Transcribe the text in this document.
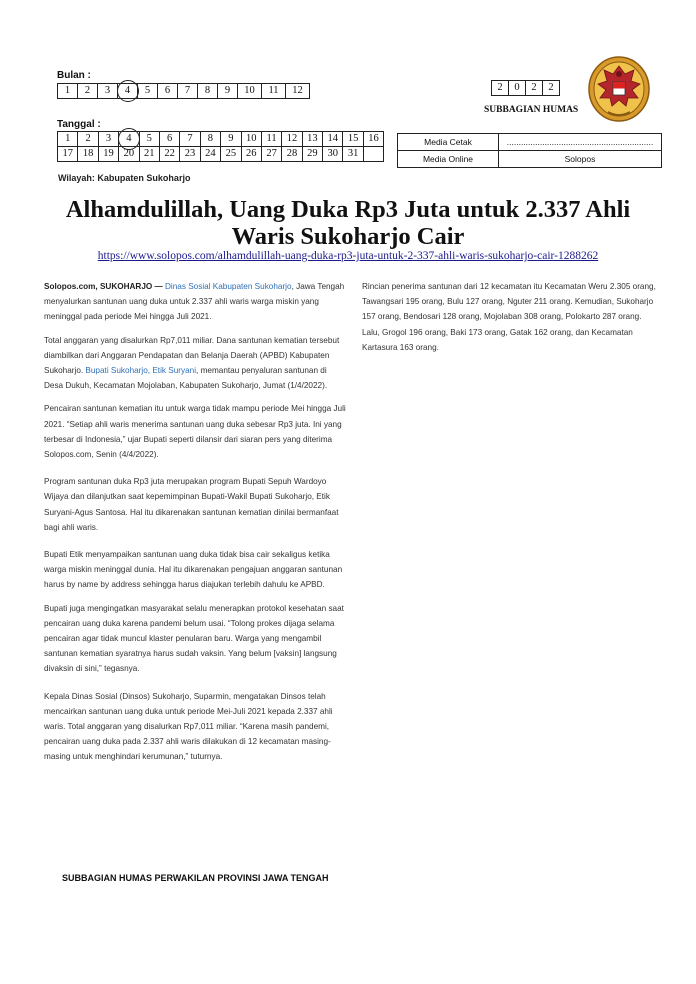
Bulan :
1	2	3	4	5	6	7	8	9	10	11	12
Tanggal :
1	2	3	4	5	6	7	8	9	10	11	12	13	14	15	16
17	18	19	20	21	22	23	24	25	26	27	28	29	30	31	
2	0	2	2
SUBBAGIAN HUMAS
Media Cetak	..............................................................
Media Online	Solopos
Wilayah: Kabupaten Sukoharjo
Alhamdulillah, Uang Duka Rp3 Juta untuk 2.337 Ahli Waris Sukoharjo Cair
https://www.solopos.com/alhamdulillah-uang-duka-rp3-juta-untuk-2-337-ahli-waris-sukoharjo-cair-1288262

Solopos.com, SUKOHARJO — Dinas Sosial Kabupaten Sukoharjo, Jawa Tengah menyalurkan santunan uang duka untuk 2.337 ahli waris warga miskin yang meninggal pada periode Mei hingga Juli 2021.

Total anggaran yang disalurkan Rp7,011 miliar. Dana santunan kematian tersebut diambilkan dari Anggaran Pendapatan dan Belanja Daerah (APBD) Kabupaten Sukoharjo. Bupati Sukoharjo, Etik Suryani, memantau penyaluran santunan di Desa Dukuh, Kecamatan Mojolaban, Kabupaten Sukoharjo, Jumat (1/4/2022).

Pencairan santunan kematian itu untuk warga tidak mampu periode Mei hingga Juli 2021. “Setiap ahli waris menerima santunan uang duka sebesar Rp3 juta. Ini yang terbesar di Indonesia,” ujar Bupati seperti dilansir dari siaran pers yang diterima Solopos.com, Senin (4/4/2022).

Program santunan duka Rp3 juta merupakan program Bupati Sepuh Wardoyo Wijaya dan dilanjutkan saat kepemimpinan Bupati-Wakil Bupati Sukoharjo, Etik Suryani-Agus Santosa. Hal itu dikarenakan santunan kematian dinilai bermanfaat bagi ahli waris.

Bupati Etik menyampaikan santunan uang duka tidak bisa cair sekaligus ketika warga miskin meninggal dunia. Hal itu dikarenakan pengajuan anggaran santunan harus by name by address sehingga harus diajukan terlebih dahulu ke APBD.

Bupati juga mengingatkan masyarakat selalu menerapkan protokol kesehatan saat pencairan uang duka karena pandemi belum usai. “Tolong prokes dijaga selama pencairan agar tidak muncul klaster penularan baru. Warga yang mengambil santunan kematian syaratnya harus sudah vaksin. Yang belum [vaksin] langsung divaksin di sini,” tegasnya.

Kepala Dinas Sosial (Dinsos) Sukoharjo, Suparmin, mengatakan Dinsos telah mencairkan santunan uang duka untuk periode Mei-Juli 2021 kepada 2.337 ahli waris. Total anggaran yang disalurkan Rp7,011 miliar. “Karena masih pandemi, pencairan uang duka pada 2.337 ahli waris dilakukan di 12 kecamatan masing-masing untuk menghindari kerumunan,” tuturnya.

Rincian penerima santunan dari 12 kecamatan itu Kecamatan Weru 2.305 orang, Tawangsari 195 orang, Bulu 127 orang, Nguter 211 orang. Kemudian, Sukoharjo 157 orang, Bendosari 128 orang, Mojolaban 308 orang, Polokarto 287 orang. Lalu, Grogol 196 orang, Baki 173 orang, Gatak 162 orang, dan Kecamatan Kartasura 163 orang.

SUBBAGIAN HUMAS PERWAKILAN PROVINSI JAWA TENGAH
